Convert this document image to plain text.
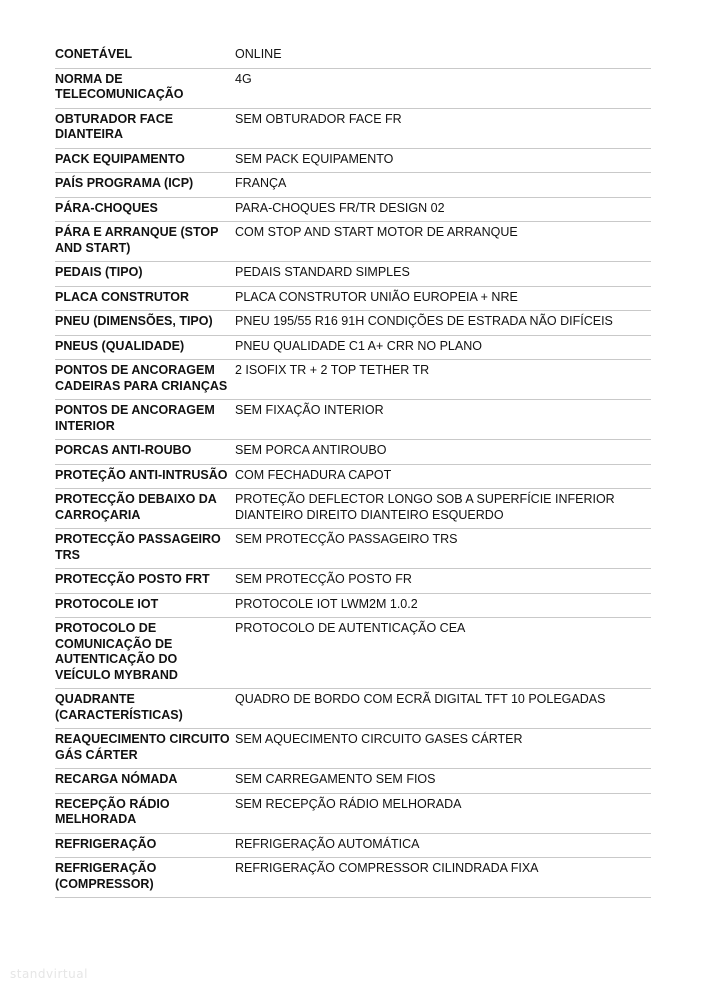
CONETÁVEL	ONLINE
NORMA DE TELECOMUNICAÇÃO	4G
OBTURADOR FACE DIANTEIRA	SEM OBTURADOR FACE FR
PACK EQUIPAMENTO	SEM PACK EQUIPAMENTO
PAÍS PROGRAMA (ICP)	FRANÇA
PÁRA-CHOQUES	PARA-CHOQUES FR/TR DESIGN 02
PÁRA E ARRANQUE (STOP AND START)	COM STOP AND START MOTOR DE ARRANQUE
PEDAIS (TIPO)	PEDAIS STANDARD SIMPLES
PLACA CONSTRUTOR	PLACA CONSTRUTOR UNIÃO EUROPEIA + NRE
PNEU (DIMENSÕES, TIPO)	PNEU 195/55 R16 91H CONDIÇÕES DE ESTRADA NÃO DIFÍCEIS
PNEUS (QUALIDADE)	PNEU QUALIDADE C1 A+ CRR NO PLANO
PONTOS DE ANCORAGEM CADEIRAS PARA CRIANÇAS	2 ISOFIX TR + 2 TOP TETHER TR
PONTOS DE ANCORAGEM INTERIOR	SEM FIXAÇÃO INTERIOR
PORCAS ANTI-ROUBO	SEM PORCA ANTIROUBO
PROTEÇÃO ANTI-INTRUSÃO	COM FECHADURA CAPOT
PROTECÇÃO DEBAIXO DA CARROÇARIA	PROTEÇÃO DEFLECTOR LONGO SOB A SUPERFÍCIE INFERIOR DIANTEIRO DIREITO DIANTEIRO ESQUERDO
PROTECÇÃO PASSAGEIRO TRS	SEM PROTECÇÃO PASSAGEIRO TRS
PROTECÇÃO POSTO FRT	SEM PROTECÇÃO POSTO FR
PROTOCOLE IOT	PROTOCOLE IOT LWM2M 1.0.2
PROTOCOLO DE COMUNICAÇÃO DE AUTENTICAÇÃO DO VEÍCULO MYBRAND	PROTOCOLO DE AUTENTICAÇÃO CEA
QUADRANTE (CARACTERÍSTICAS)	QUADRO DE BORDO COM ECRÃ DIGITAL TFT 10 POLEGADAS
REAQUECIMENTO CIRCUITO GÁS CÁRTER	SEM AQUECIMENTO CIRCUITO GASES CÁRTER
RECARGA NÓMADA	SEM CARREGAMENTO SEM FIOS
RECEPÇÃO RÁDIO MELHORADA	SEM RECEPÇÃO RÁDIO MELHORADA
REFRIGERAÇÃO	REFRIGERAÇÃO AUTOMÁTICA
REFRIGERAÇÃO (COMPRESSOR)	REFRIGERAÇÃO COMPRESSOR CILINDRADA FIXA
standvirtual
